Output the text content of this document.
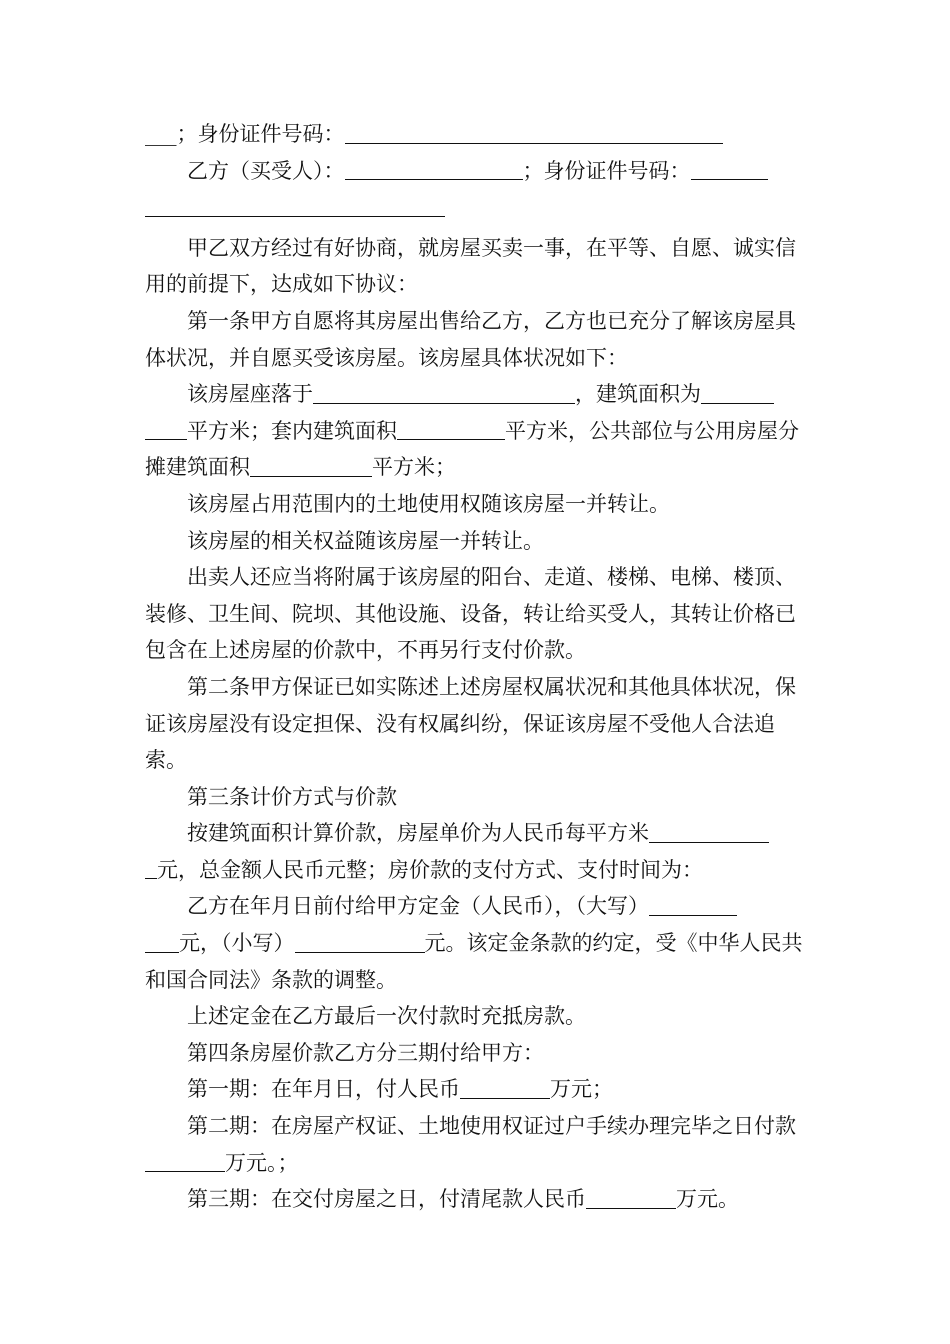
___；身份证件号码：

乙方（买受人）：	；身份证件号码：

甲乙双方经过有好协商，就房屋买卖一事，在平等、自愿、诚实信用的前提下，达成如下协议：

第一条甲方自愿将其房屋出售给乙方，乙方也已充分了解该房屋具体状况，并自愿买受该房屋。该房屋具体状况如下：

该房屋座落于	，建筑面积为
平方米；套内建筑面积	平方米，公共部位与公用房屋分摊建筑面积	平方米；

该房屋占用范围内的土地使用权随该房屋一并转让。

该房屋的相关权益随该房屋一并转让。

出卖人还应当将附属于该房屋的阳台、走道、楼梯、电梯、楼顶、装修、卫生间、院坝、其他设施、设备，转让给买受人，其转让价格已包含在上述房屋的价款中，不再另行支付价款。

第二条甲方保证已如实陈述上述房屋权属状况和其他具体状况，保证该房屋没有设定担保、没有权属纠纷，保证该房屋不受他人合法追索。

第三条计价方式与价款

按建筑面积计算价款，房屋单价为人民币每平方米
元，总金额人民币元整；房价款的支付方式、支付时间为：

乙方在年月日前付给甲方定金（人民币），（大写）
元，（小写）	元。该定金条款的约定，受《中华人民共和国合同法》条款的调整。

上述定金在乙方最后一次付款时充抵房款。

第四条房屋价款乙方分三期付给甲方：

第一期：在年月日，付人民币	万元；

第二期：在房屋产权证、土地使用权证过户手续办理完毕之日付款万元。；

第三期：在交付房屋之日，付清尾款人民币	万元。
